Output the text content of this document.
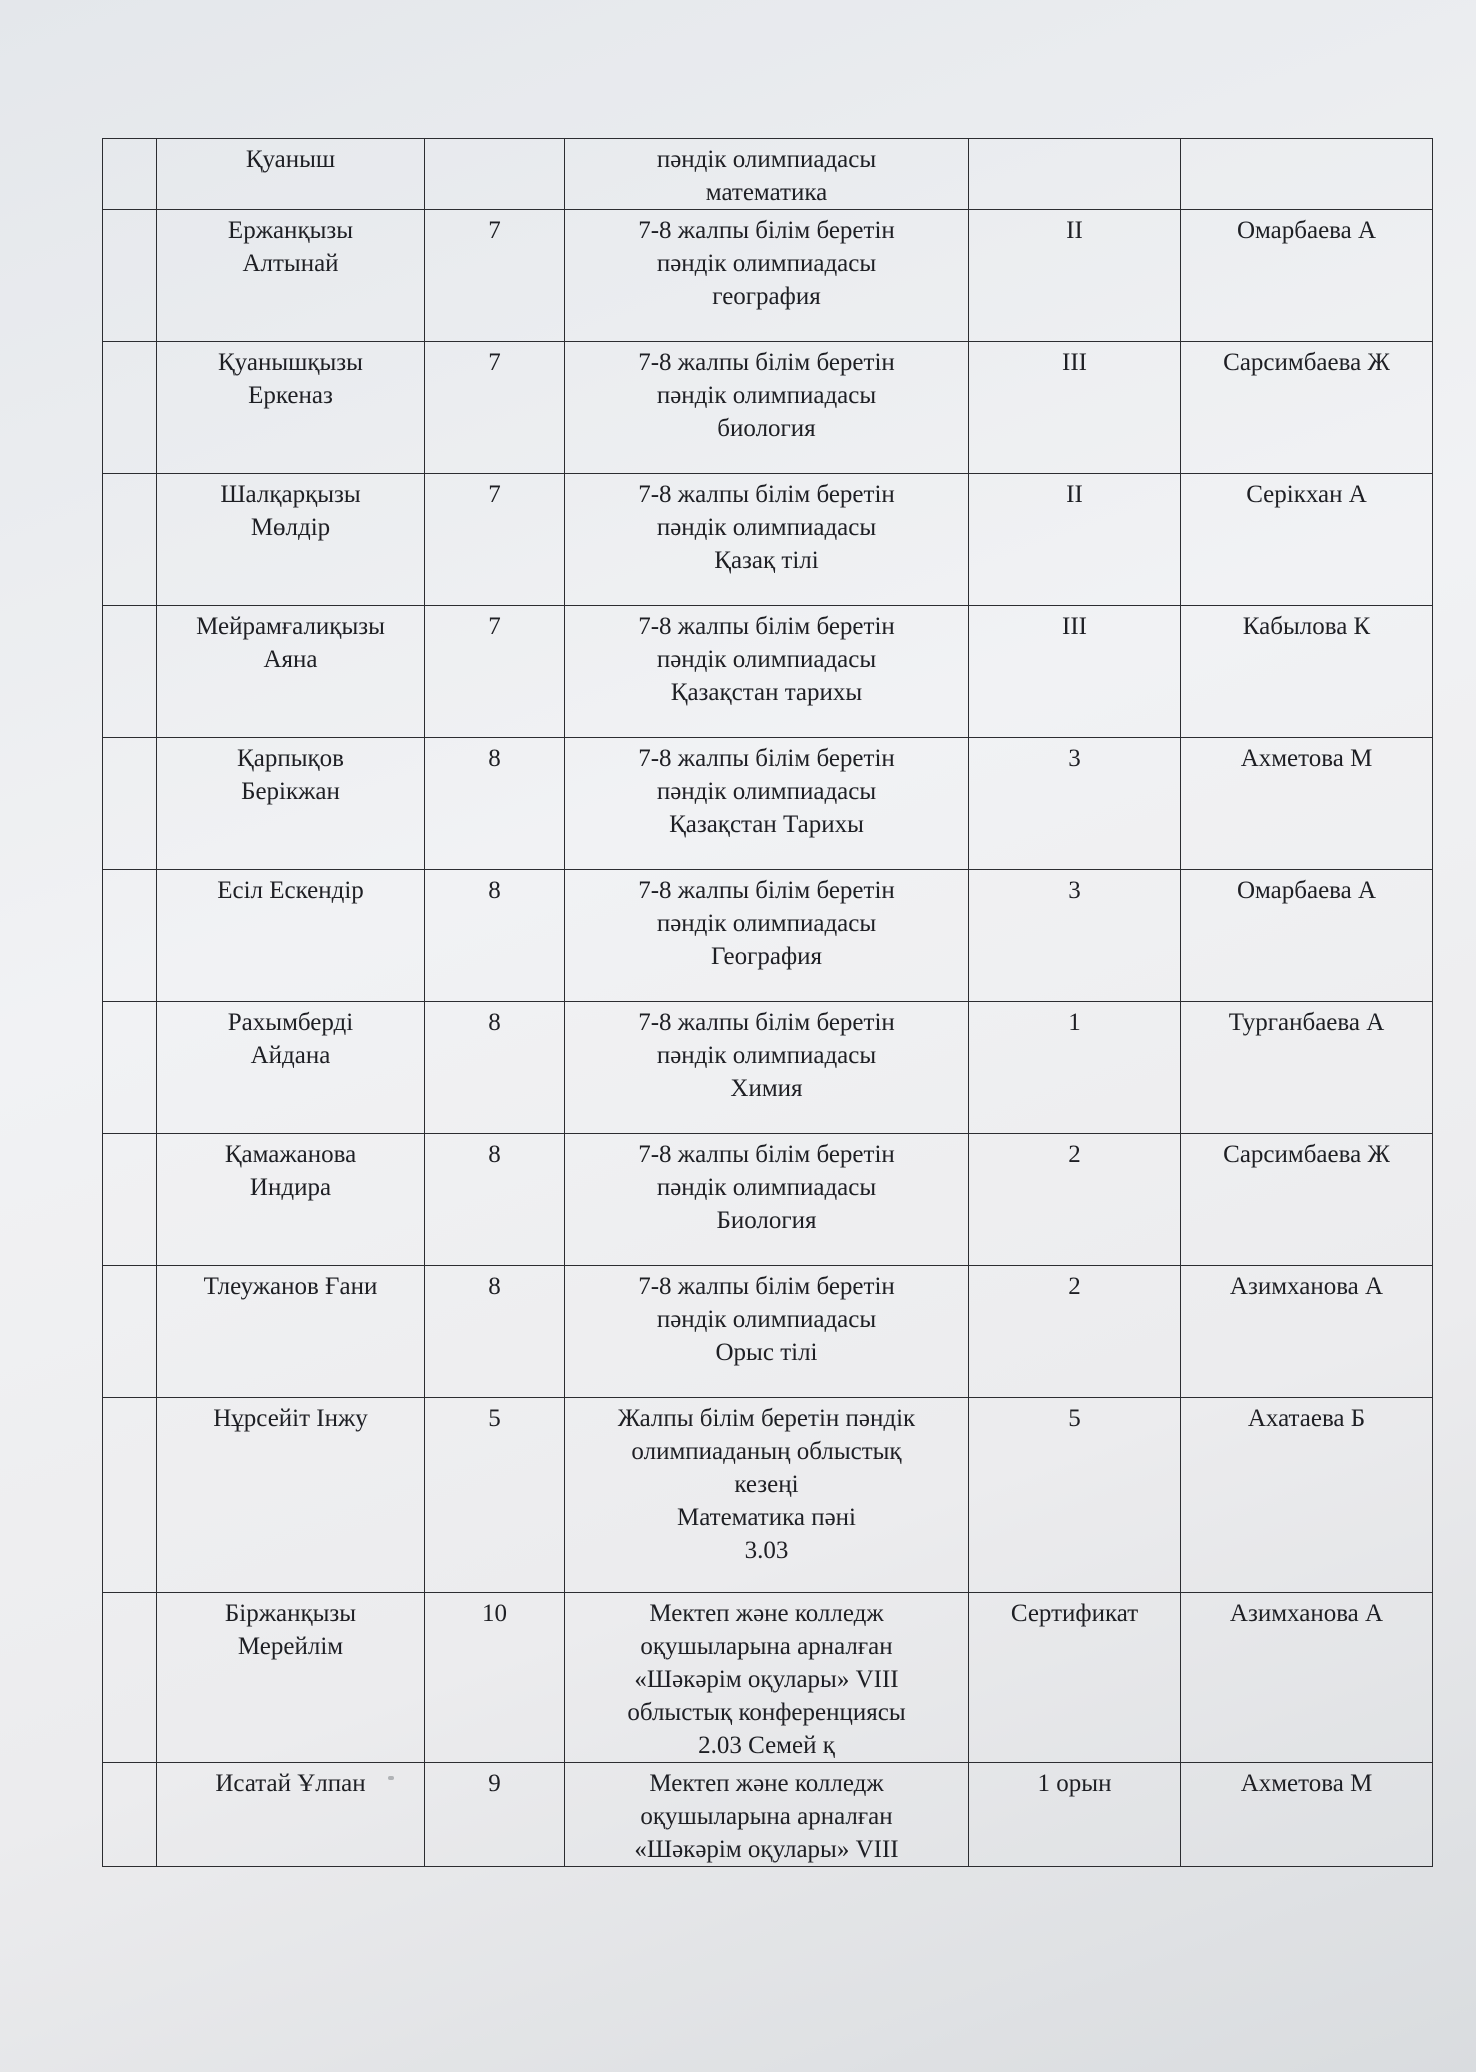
	Қуаныш		пәндік олимпиадасы
математика		
	Ержанқызы
Алтынай	7	7-8 жалпы білім беретін
пәндік олимпиадасы
география	II	Омарбаева А
	Қуанышқызы
Еркеназ	7	7-8 жалпы білім беретін
пәндік олимпиадасы
биология	III	Сарсимбаева Ж
	Шалқарқызы
Мөлдір	7	7-8 жалпы білім беретін
пәндік олимпиадасы
Қазақ тілі	II	Серікхан А
	Мейрамғалиқызы
Аяна	7	7-8 жалпы білім беретін
пәндік олимпиадасы
Қазақстан тарихы	III	Кабылова К
	Қарпықов
Берікжан	8	7-8 жалпы білім беретін
пәндік олимпиадасы
Қазақстан Тарихы	3	Ахметова М
	Есіл Ескендір	8	7-8 жалпы білім беретін
пәндік олимпиадасы
География	3	Омарбаева А
	Рахымберді
Айдана	8	7-8 жалпы білім беретін
пәндік олимпиадасы
Химия	1	Турганбаева А
	Қамажанова
Индира	8	7-8 жалпы білім беретін
пәндік олимпиадасы
Биология	2	Сарсимбаева Ж
	Тлеужанов Ғани	8	7-8 жалпы білім беретін
пәндік олимпиадасы
Орыс тілі	2	Азимханова А
	Нұрсейіт Інжу	5	Жалпы білім беретін пәндік
олимпиаданың облыстық
кезеңі
Математика пәні
3.03	5	Ахатаева Б
	Біржанқызы
Мерейлім	10	Мектеп және колледж
оқушыларына арналған
«Шәкәрім оқулары» VIII
облыстық конференциясы
2.03 Семей қ	Сертификат	Азимханова А
	Исатай Ұлпан	9	Мектеп және колледж
оқушыларына арналған
«Шәкәрім оқулары» VIII	1 орын	Ахметова М
